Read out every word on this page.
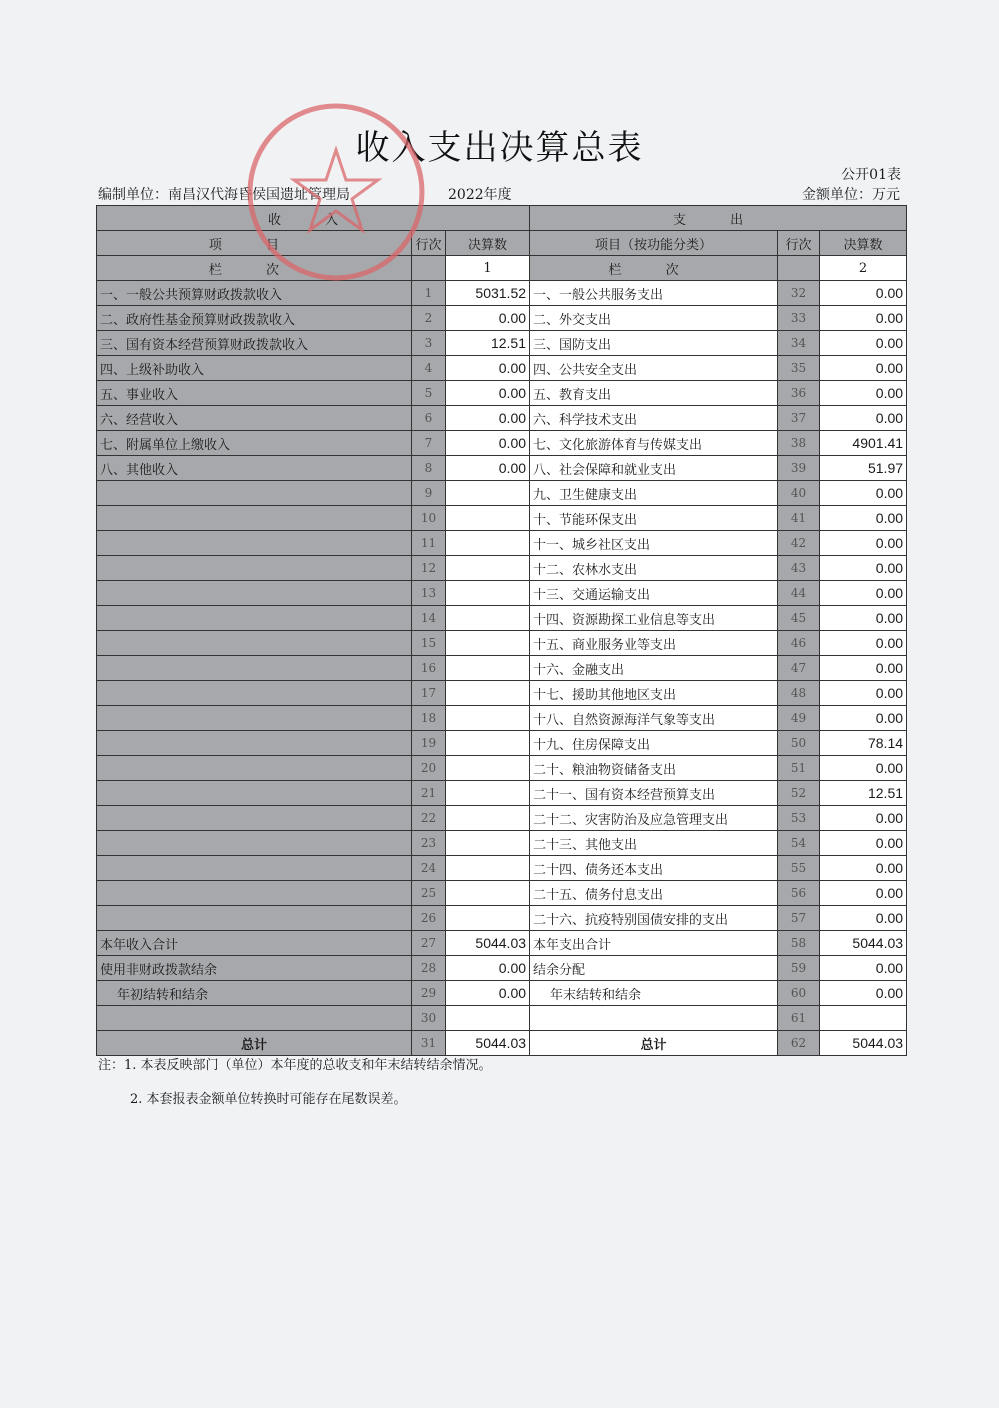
收入支出决算总表
公开01表
编制单位：南昌汉代海昏侯国遗址管理局	2022年度	金额单位：万元
收 入			支 出		
项 目	行次	决算数	项目（按功能分类）	行次	决算数
栏 次		1	栏 次		2
一、一般公共预算财政拨款收入	1	5031.52	一、一般公共服务支出	32	0.00
二、政府性基金预算财政拨款收入	2	0.00	二、外交支出	33	0.00
三、国有资本经营预算财政拨款收入	3	12.51	三、国防支出	34	0.00
四、上级补助收入	4	0.00	四、公共安全支出	35	0.00
五、事业收入	5	0.00	五、教育支出	36	0.00
六、经营收入	6	0.00	六、科学技术支出	37	0.00
七、附属单位上缴收入	7	0.00	七、文化旅游体育与传媒支出	38	4901.41
八、其他收入	8	0.00	八、社会保障和就业支出	39	51.97
	9		九、卫生健康支出	40	0.00
	10		十、节能环保支出	41	0.00
	11		十一、城乡社区支出	42	0.00
	12		十二、农林水支出	43	0.00
	13		十三、交通运输支出	44	0.00
	14		十四、资源勘探工业信息等支出	45	0.00
	15		十五、商业服务业等支出	46	0.00
	16		十六、金融支出	47	0.00
	17		十七、援助其他地区支出	48	0.00
	18		十八、自然资源海洋气象等支出	49	0.00
	19		十九、住房保障支出	50	78.14
	20		二十、粮油物资储备支出	51	0.00
	21		二十一、国有资本经营预算支出	52	12.51
	22		二十二、灾害防治及应急管理支出	53	0.00
	23		二十三、其他支出	54	0.00
	24		二十四、债务还本支出	55	0.00
	25		二十五、债务付息支出	56	0.00
	26		二十六、抗疫特别国债安排的支出	57	0.00
本年收入合计	27	5044.03	本年支出合计	58	5044.03
使用非财政拨款结余	28	0.00	结余分配	59	0.00
年初结转和结余	29	0.00	年末结转和结余	60	0.00
	30			61	
总计	31	5044.03	总计	62	5044.03
注：1. 本表反映部门（单位）本年度的总收支和年末结转结余情况。
2. 本套报表金额单位转换时可能存在尾数误差。
